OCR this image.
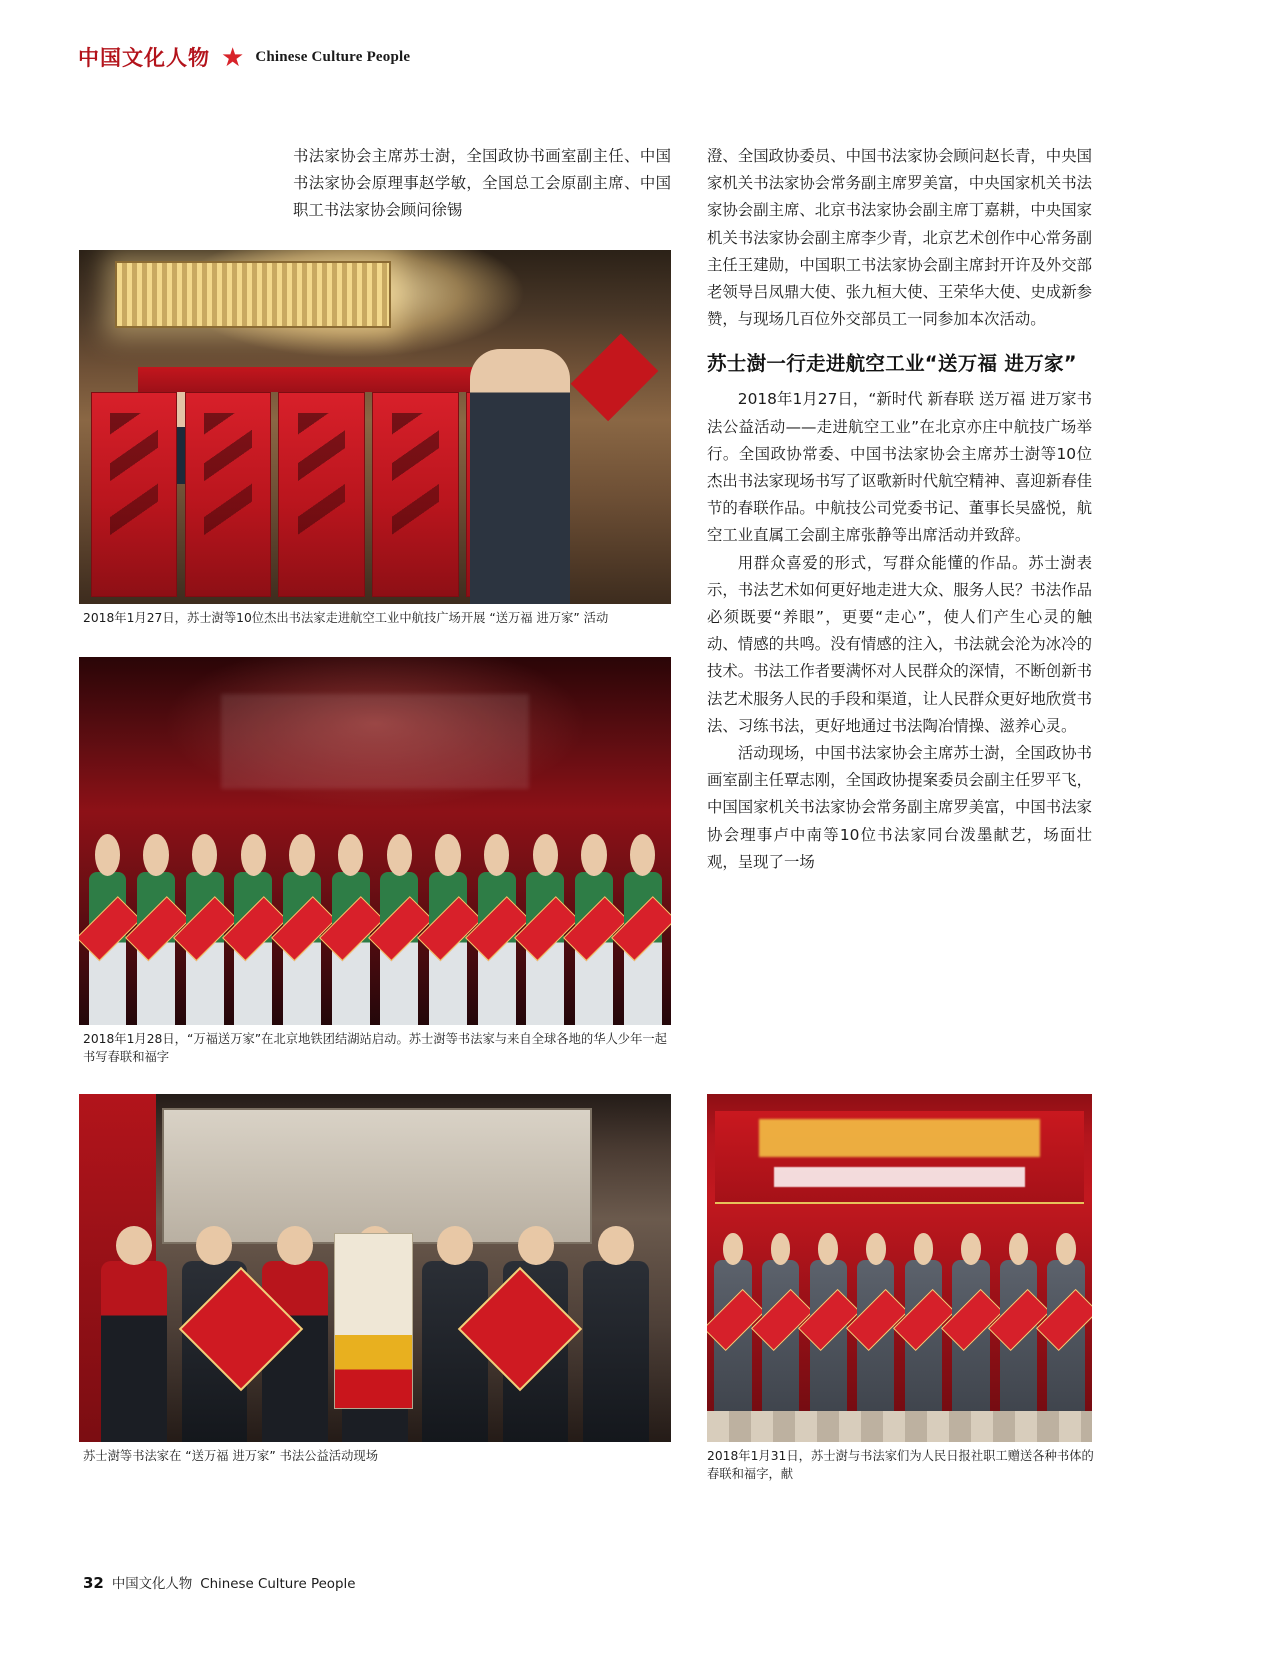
中国文化人物 ★ Chinese Culture People

书法家协会主席苏士澍，全国政协书画室副主任、中国书法家协会原理事赵学敏，全国总工会原副主席、中国职工书法家协会顾问徐锡

2018年1月27日，苏士澍等10位杰出书法家走进航空工业中航技广场开展 “送万福 进万家” 活动
2018年1月28日，“万福送万家”在北京地铁团结湖站启动。苏士澍等书法家与来自全球各地的华人少年一起书写春联和福字
苏士澍等书法家在 “送万福 进万家” 书法公益活动现场	2018年1月31日，苏士澍与书法家们为人民日报社职工赠送各种书体的春联和福字，献

澄、全国政协委员、中国书法家协会顾问赵长青，中央国家机关书法家协会常务副主席罗美富，中央国家机关书法家协会副主席、北京书法家协会副主席丁嘉耕，中央国家机关书法家协会副主席李少青，北京艺术创作中心常务副主任王建勋，中国职工书法家协会副主席封开许及外交部老领导吕凤鼎大使、张九桓大使、王荣华大使、史成新参赞，与现场几百位外交部员工一同参加本次活动。

苏士澍一行走进航空工业“送万福 进万家”

2018年1月27日，“新时代 新春联 送万福 进万家书法公益活动——走进航空工业”在北京亦庄中航技广场举行。全国政协常委、中国书法家协会主席苏士澍等10位杰出书法家现场书写了讴歌新时代航空精神、喜迎新春佳节的春联作品。中航技公司党委书记、董事长吴盛悦，航空工业直属工会副主席张静等出席活动并致辞。

用群众喜爱的形式，写群众能懂的作品。苏士澍表示，书法艺术如何更好地走进大众、服务人民？书法作品必须既要“养眼”，更要“走心”，使人们产生心灵的触动、情感的共鸣。没有情感的注入，书法就会沦为冰冷的技术。书法工作者要满怀对人民群众的深情，不断创新书法艺术服务人民的手段和渠道，让人民群众更好地欣赏书法、习练书法，更好地通过书法陶冶情操、滋养心灵。

活动现场，中国书法家协会主席苏士澍，全国政协书画室副主任覃志刚，全国政协提案委员会副主任罗平飞，中国国家机关书法家协会常务副主席罗美富，中国书法家协会理事卢中南等10位书法家同台泼墨献艺，场面壮观，呈现了一场

32 中国文化人物 Chinese Culture People
